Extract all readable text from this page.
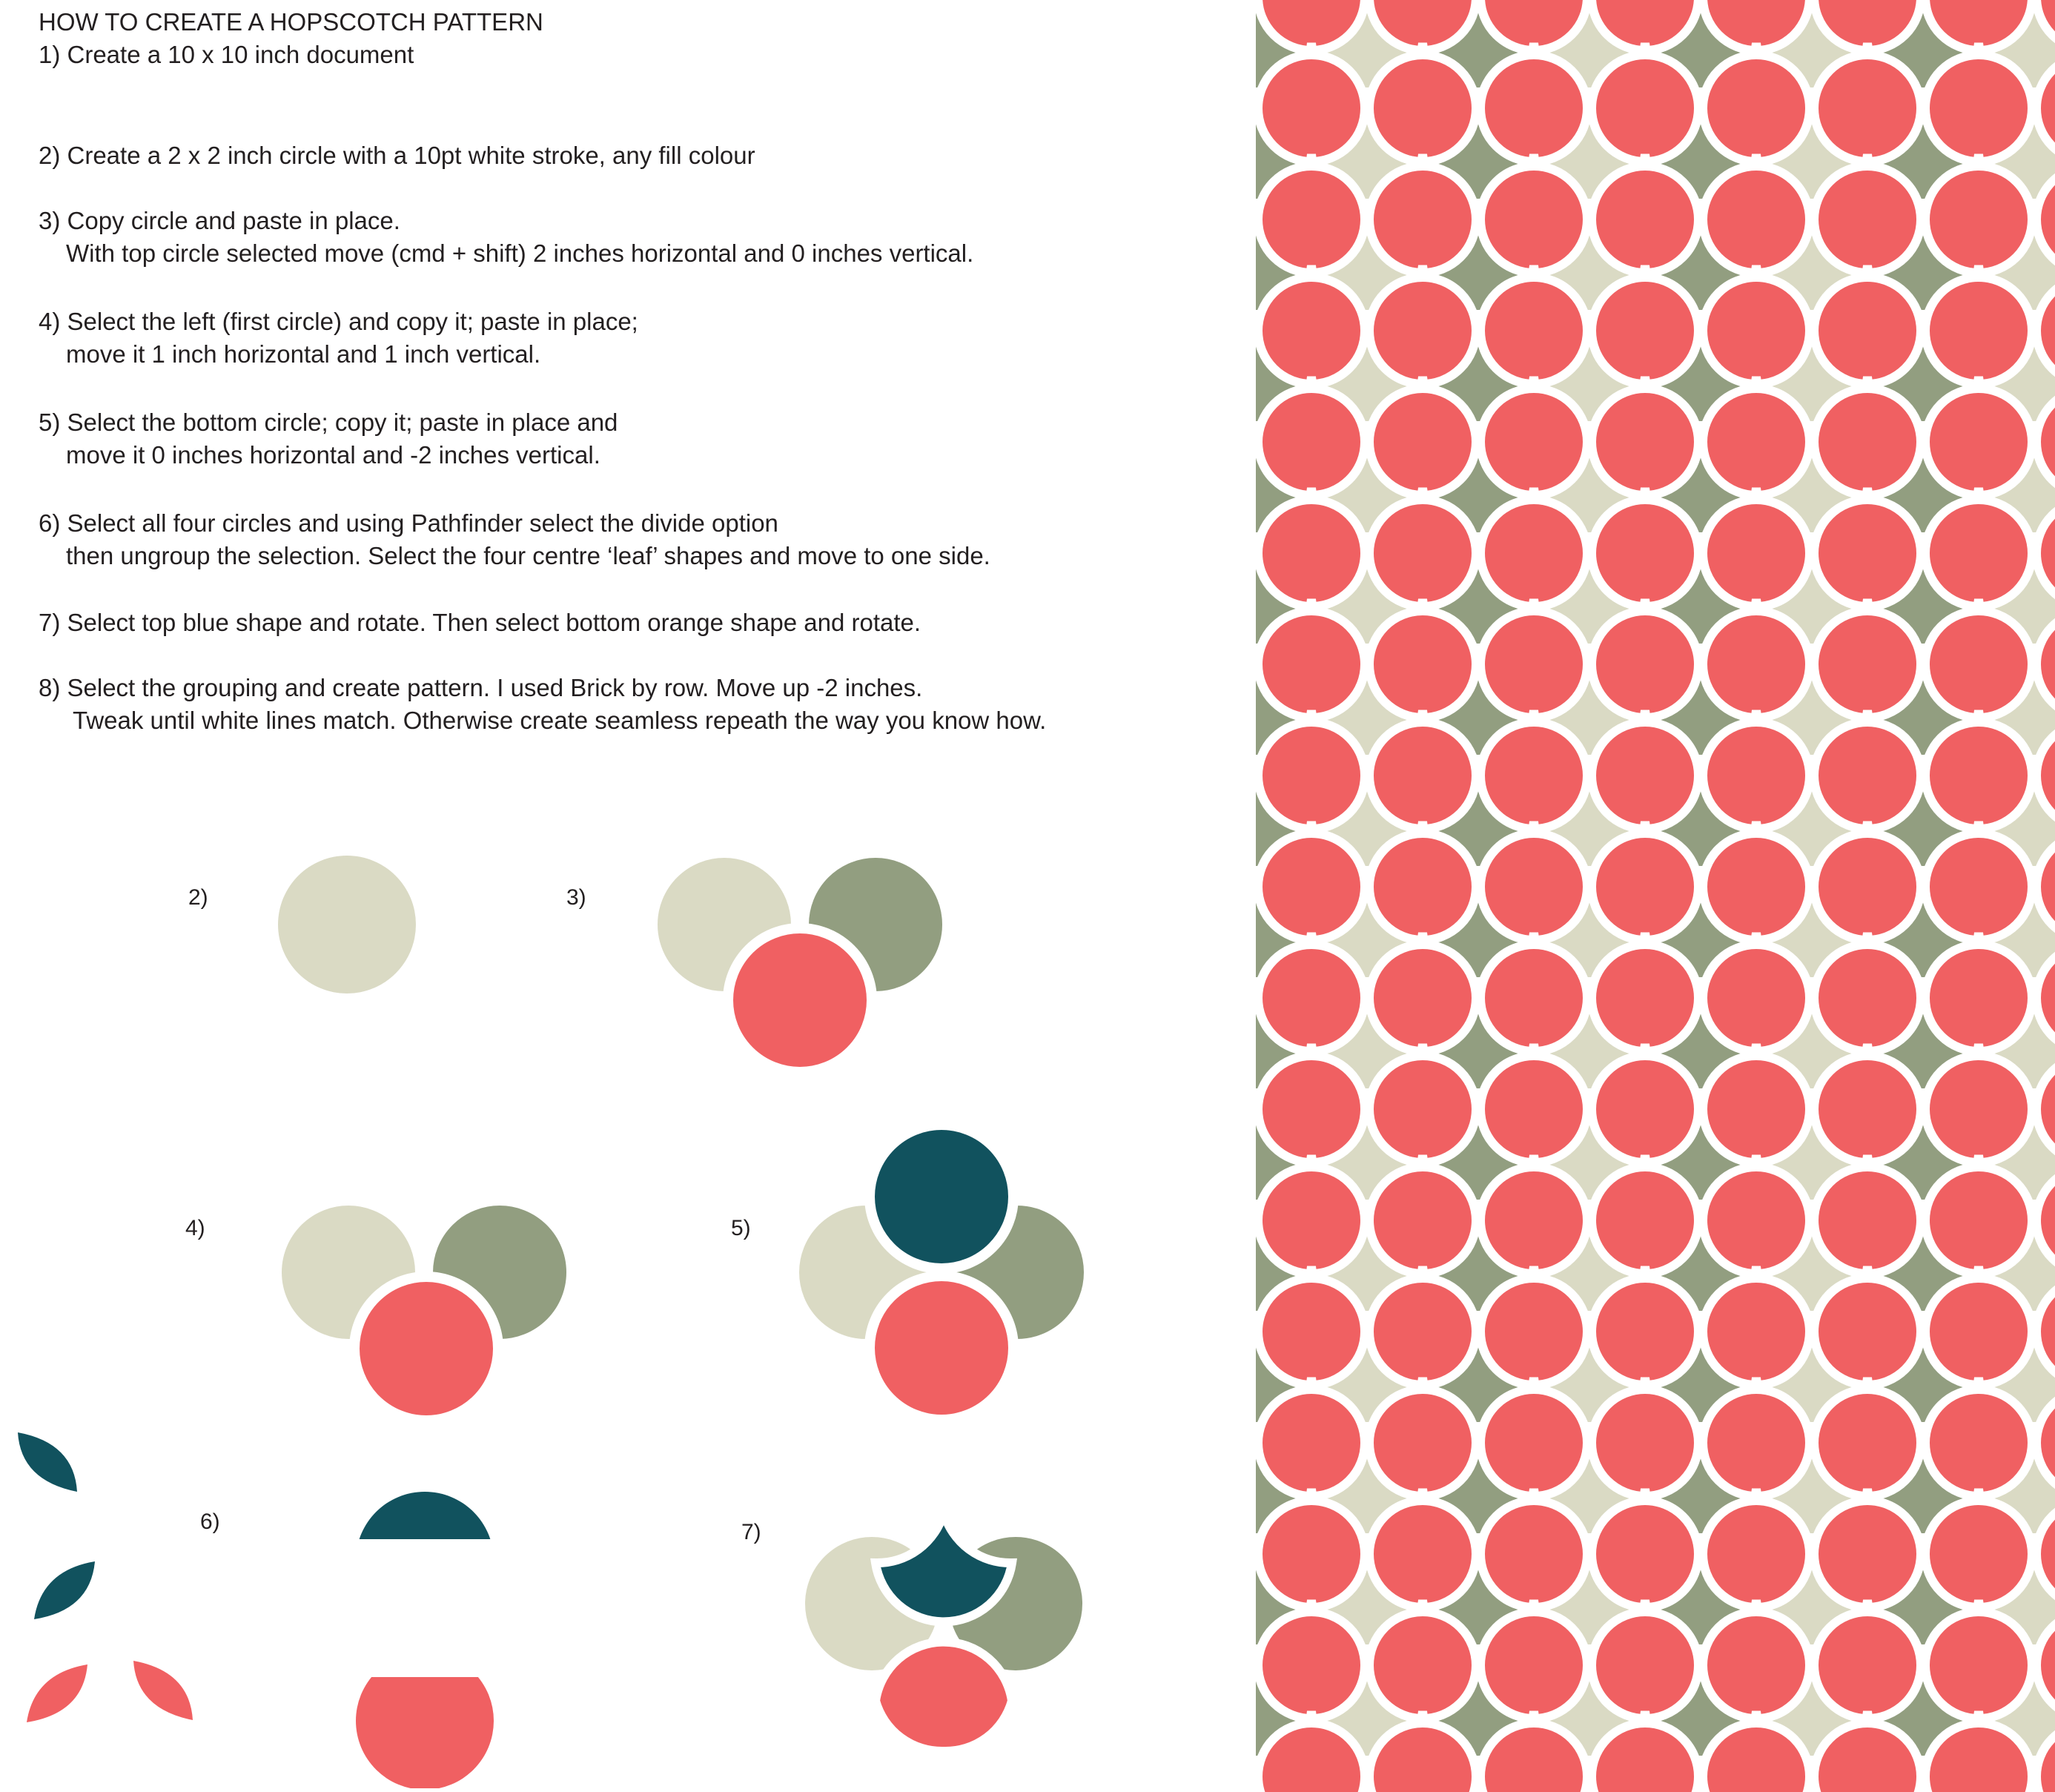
HOW TO CREATE A HOPSCOTCH PATTERN
1) Create a 10 x 10 inch document
2) Create a 2 x 2 inch circle with a 10pt white stroke, any fill colour
3) Copy circle and paste in place.
With top circle selected move (cmd + shift) 2 inches horizontal and 0 inches vertical.
4) Select the left (first circle) and copy it; paste in place;
move it 1 inch horizontal and 1 inch vertical.
5) Select the bottom circle; copy it; paste in place and
move it 0 inches horizontal and -2 inches vertical.
6) Select all four circles and using Pathfinder select the divide option
then ungroup the selection. Select the four centre ‘leaf’ shapes and move to one side.
7) Select top blue shape and rotate. Then select bottom orange shape and rotate.
8) Select the grouping and create pattern. I used Brick by row. Move up -2 inches.
Tweak until white lines match. Otherwise create seamless repeath the way you know how.
2)	3)
4)	5)
6)	7)
